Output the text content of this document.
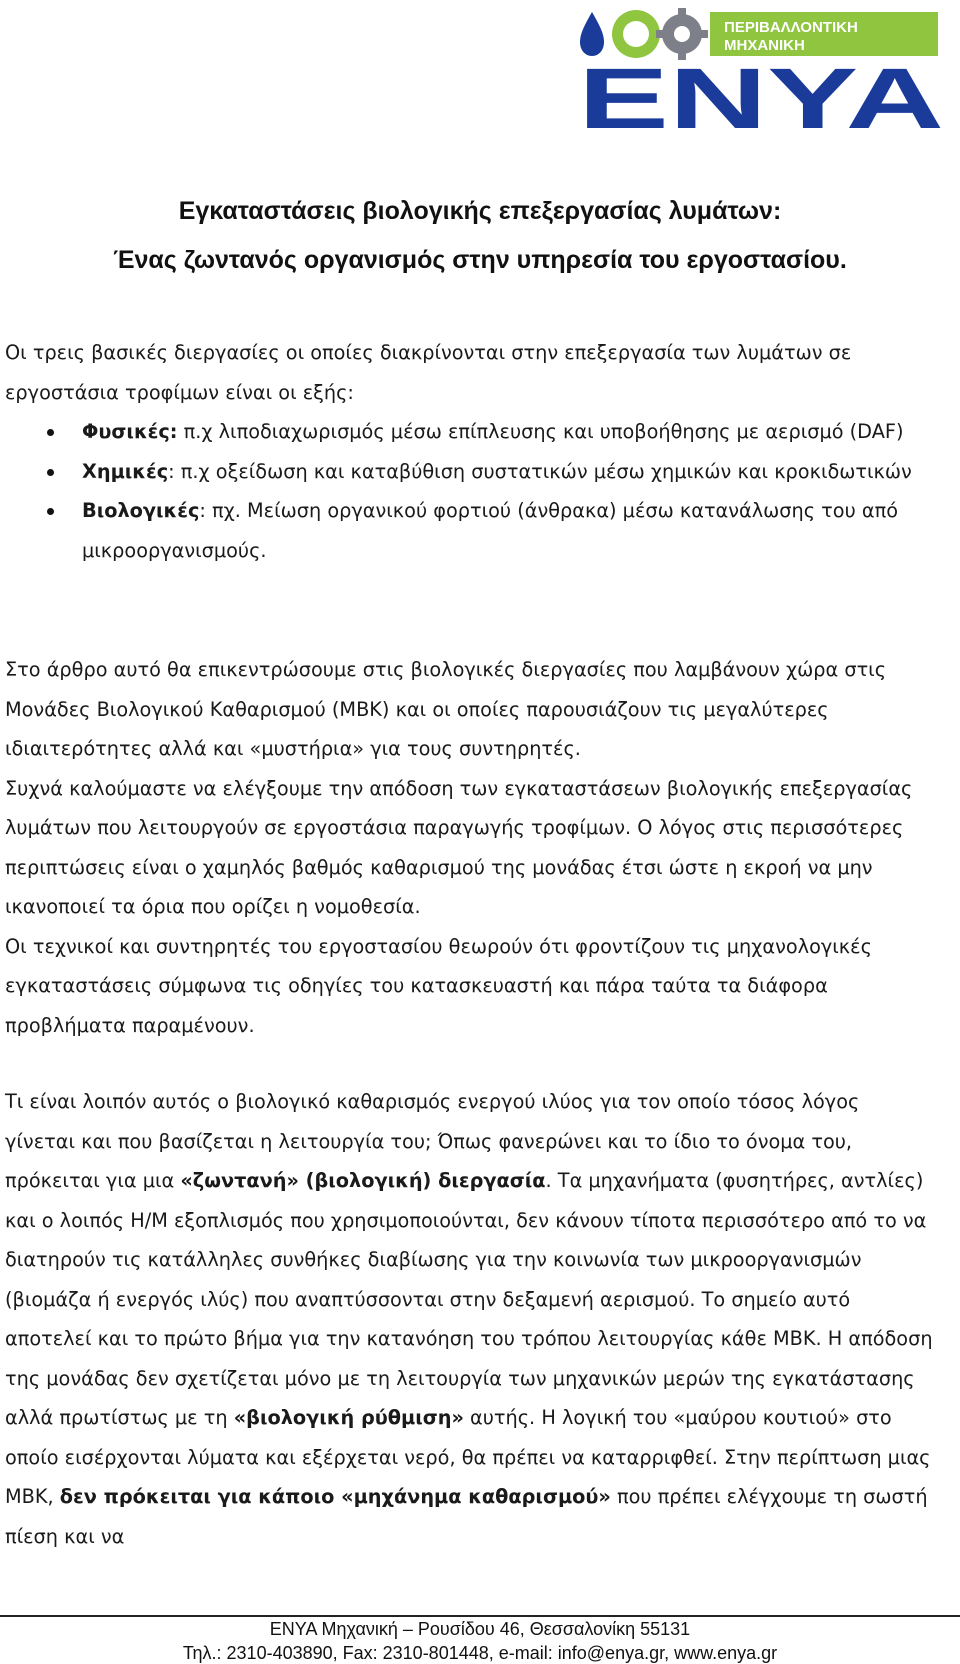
ΠΕΡΙΒΑΛΛΟΝΤΙΚΗ
ΜΗΧΑΝΙΚΗ
ENYA
Εγκαταστάσεις βιολογικής επεξεργασίας λυμάτων:
Ένας ζωντανός οργανισμός στην υπηρεσία του εργοστασίου.

Οι τρεις βασικές διεργασίες οι οποίες διακρίνονται στην επεξεργασία των λυμάτων σε εργοστάσια τροφίμων είναι οι εξής:

Φυσικές: π.χ λιποδιαχωρισμός μέσω επίπλευσης και υποβοήθησης με αερισμό (DAF)
Χημικές: π.χ οξείδωση και καταβύθιση συστατικών μέσω χημικών και κροκιδωτικών
Βιολογικές: πχ. Μείωση οργανικού φορτιού (άνθρακα) μέσω κατανάλωσης του από μικροοργανισμούς.
Στο άρθρο αυτό θα επικεντρώσουμε στις βιολογικές διεργασίες που λαμβάνουν χώρα στις Μονάδες Βιολογικού Καθαρισμού (ΜΒΚ) και οι οποίες παρουσιάζουν τις μεγαλύτερες ιδιαιτερότητες αλλά και «μυστήρια» για τους συντηρητές.
Συχνά καλούμαστε να ελέγξουμε την απόδοση των εγκαταστάσεων βιολογικής επεξεργασίας λυμάτων που λειτουργούν σε εργοστάσια παραγωγής τροφίμων. Ο λόγος στις περισσότερες περιπτώσεις είναι ο χαμηλός βαθμός καθαρισμού της μονάδας έτσι ώστε η εκροή να μην ικανοποιεί τα όρια που ορίζει η νομοθεσία.
Οι τεχνικοί και συντηρητές του εργοστασίου θεωρούν ότι φροντίζουν τις μηχανολογικές εγκαταστάσεις σύμφωνα τις οδηγίες του κατασκευαστή και πάρα ταύτα τα διάφορα προβλήματα παραμένουν.

Τι είναι λοιπόν αυτός ο βιολογικό καθαρισμός ενεργού ιλύος για τον οποίο τόσος λόγος γίνεται και που βασίζεται η λειτουργία του; Όπως φανερώνει και το ίδιο το όνομα του, πρόκειται για μια «ζωντανή» (βιολογική) διεργασία. Τα μηχανήματα (φυσητήρες, αντλίες) και ο λοιπός Η/Μ εξοπλισμός που χρησιμοποιούνται, δεν κάνουν τίποτα περισσότερο από το να διατηρούν τις κατάλληλες συνθήκες διαβίωσης για την κοινωνία των μικροοργανισμών (βιομάζα ή ενεργός ιλύς) που αναπτύσσονται στην δεξαμενή αερισμού. Το σημείο αυτό αποτελεί και το πρώτο βήμα για την κατανόηση του τρόπου λειτουργίας κάθε ΜΒΚ. Η απόδοση της μονάδας δεν σχετίζεται μόνο με τη λειτουργία των μηχανικών μερών της εγκατάστασης αλλά πρωτίστως με τη «βιολογική ρύθμιση» αυτής. Η λογική του «μαύρου κουτιού» στο οποίο εισέρχονται λύματα και εξέρχεται νερό, θα πρέπει να καταρριφθεί. Στην περίπτωση μιας ΜΒΚ, δεν πρόκειται για κάποιο «μηχάνημα καθαρισμού» που πρέπει ελέγχουμε τη σωστή πίεση και να

ENYA Μηχανική – Ρουσίδου 46, Θεσσαλονίκη 55131
Τηλ.: 2310-403890, Fax: 2310-801448, e-mail: info@enya.gr, www.enya.gr
